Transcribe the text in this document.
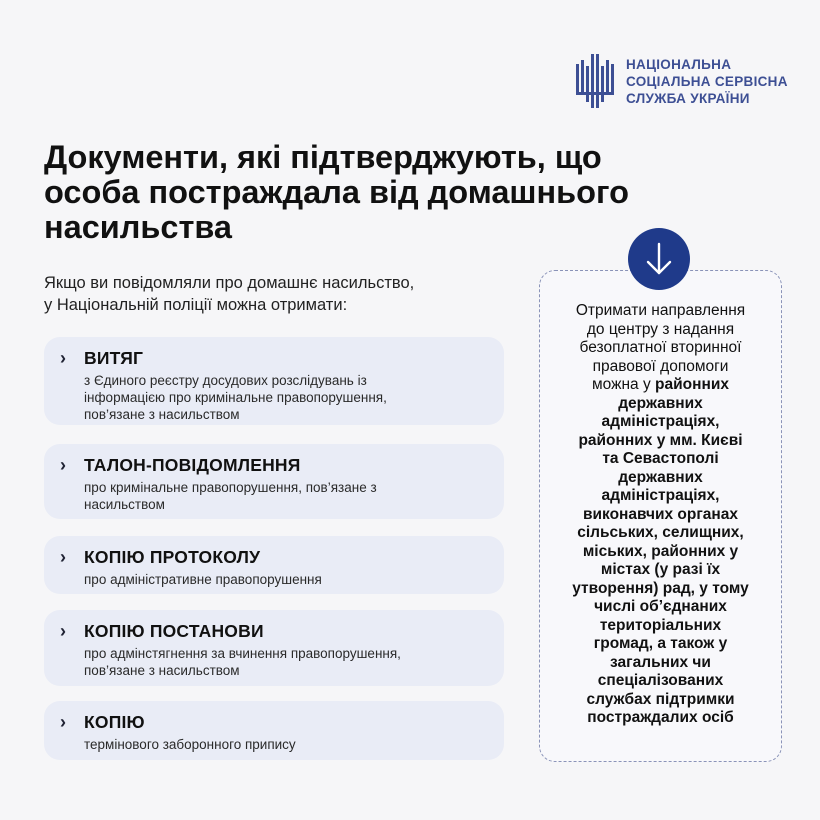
НАЦІОНАЛЬНА
СОЦІАЛЬНА СЕРВІСНА
СЛУЖБА УКРАЇНИ
Документи, які підтверджують, що
особа постраждала від домашнього
насильства

Якщо ви повідомляли про домашнє насильство,
у Національній поліції можна отримати:

›	ВИТЯГ
з Єдиного реєстру досудових розслідувань із
інформацією про кримінальне правопорушення,
пов’язане з насильством
›	ТАЛОН-ПОВІДОМЛЕННЯ
про кримінальне правопорушення, пов’язане з
насильством
›	КОПІЮ ПРОТОКОЛУ
про адміністративне правопорушення
›	КОПІЮ ПОСТАНОВИ
про адмінстягнення за вчинення правопорушення,
пов’язане з насильством
›	КОПІЮ
термінового заборонного припису
Отримати направлення
до центру з надання
безоплатної вторинної
правової допомоги
можна у районних
державних
адміністраціях,
районних у мм. Києві
та Севастополі
державних
адміністраціях,
виконавчих органах
сільських, селищних,
міських, районних у
містах (у разі їх
утворення) рад, у тому
числі об’єднаних
територіальних
громад, а також у
загальних чи
спеціалізованих
службах підтримки
постраждалих осіб
